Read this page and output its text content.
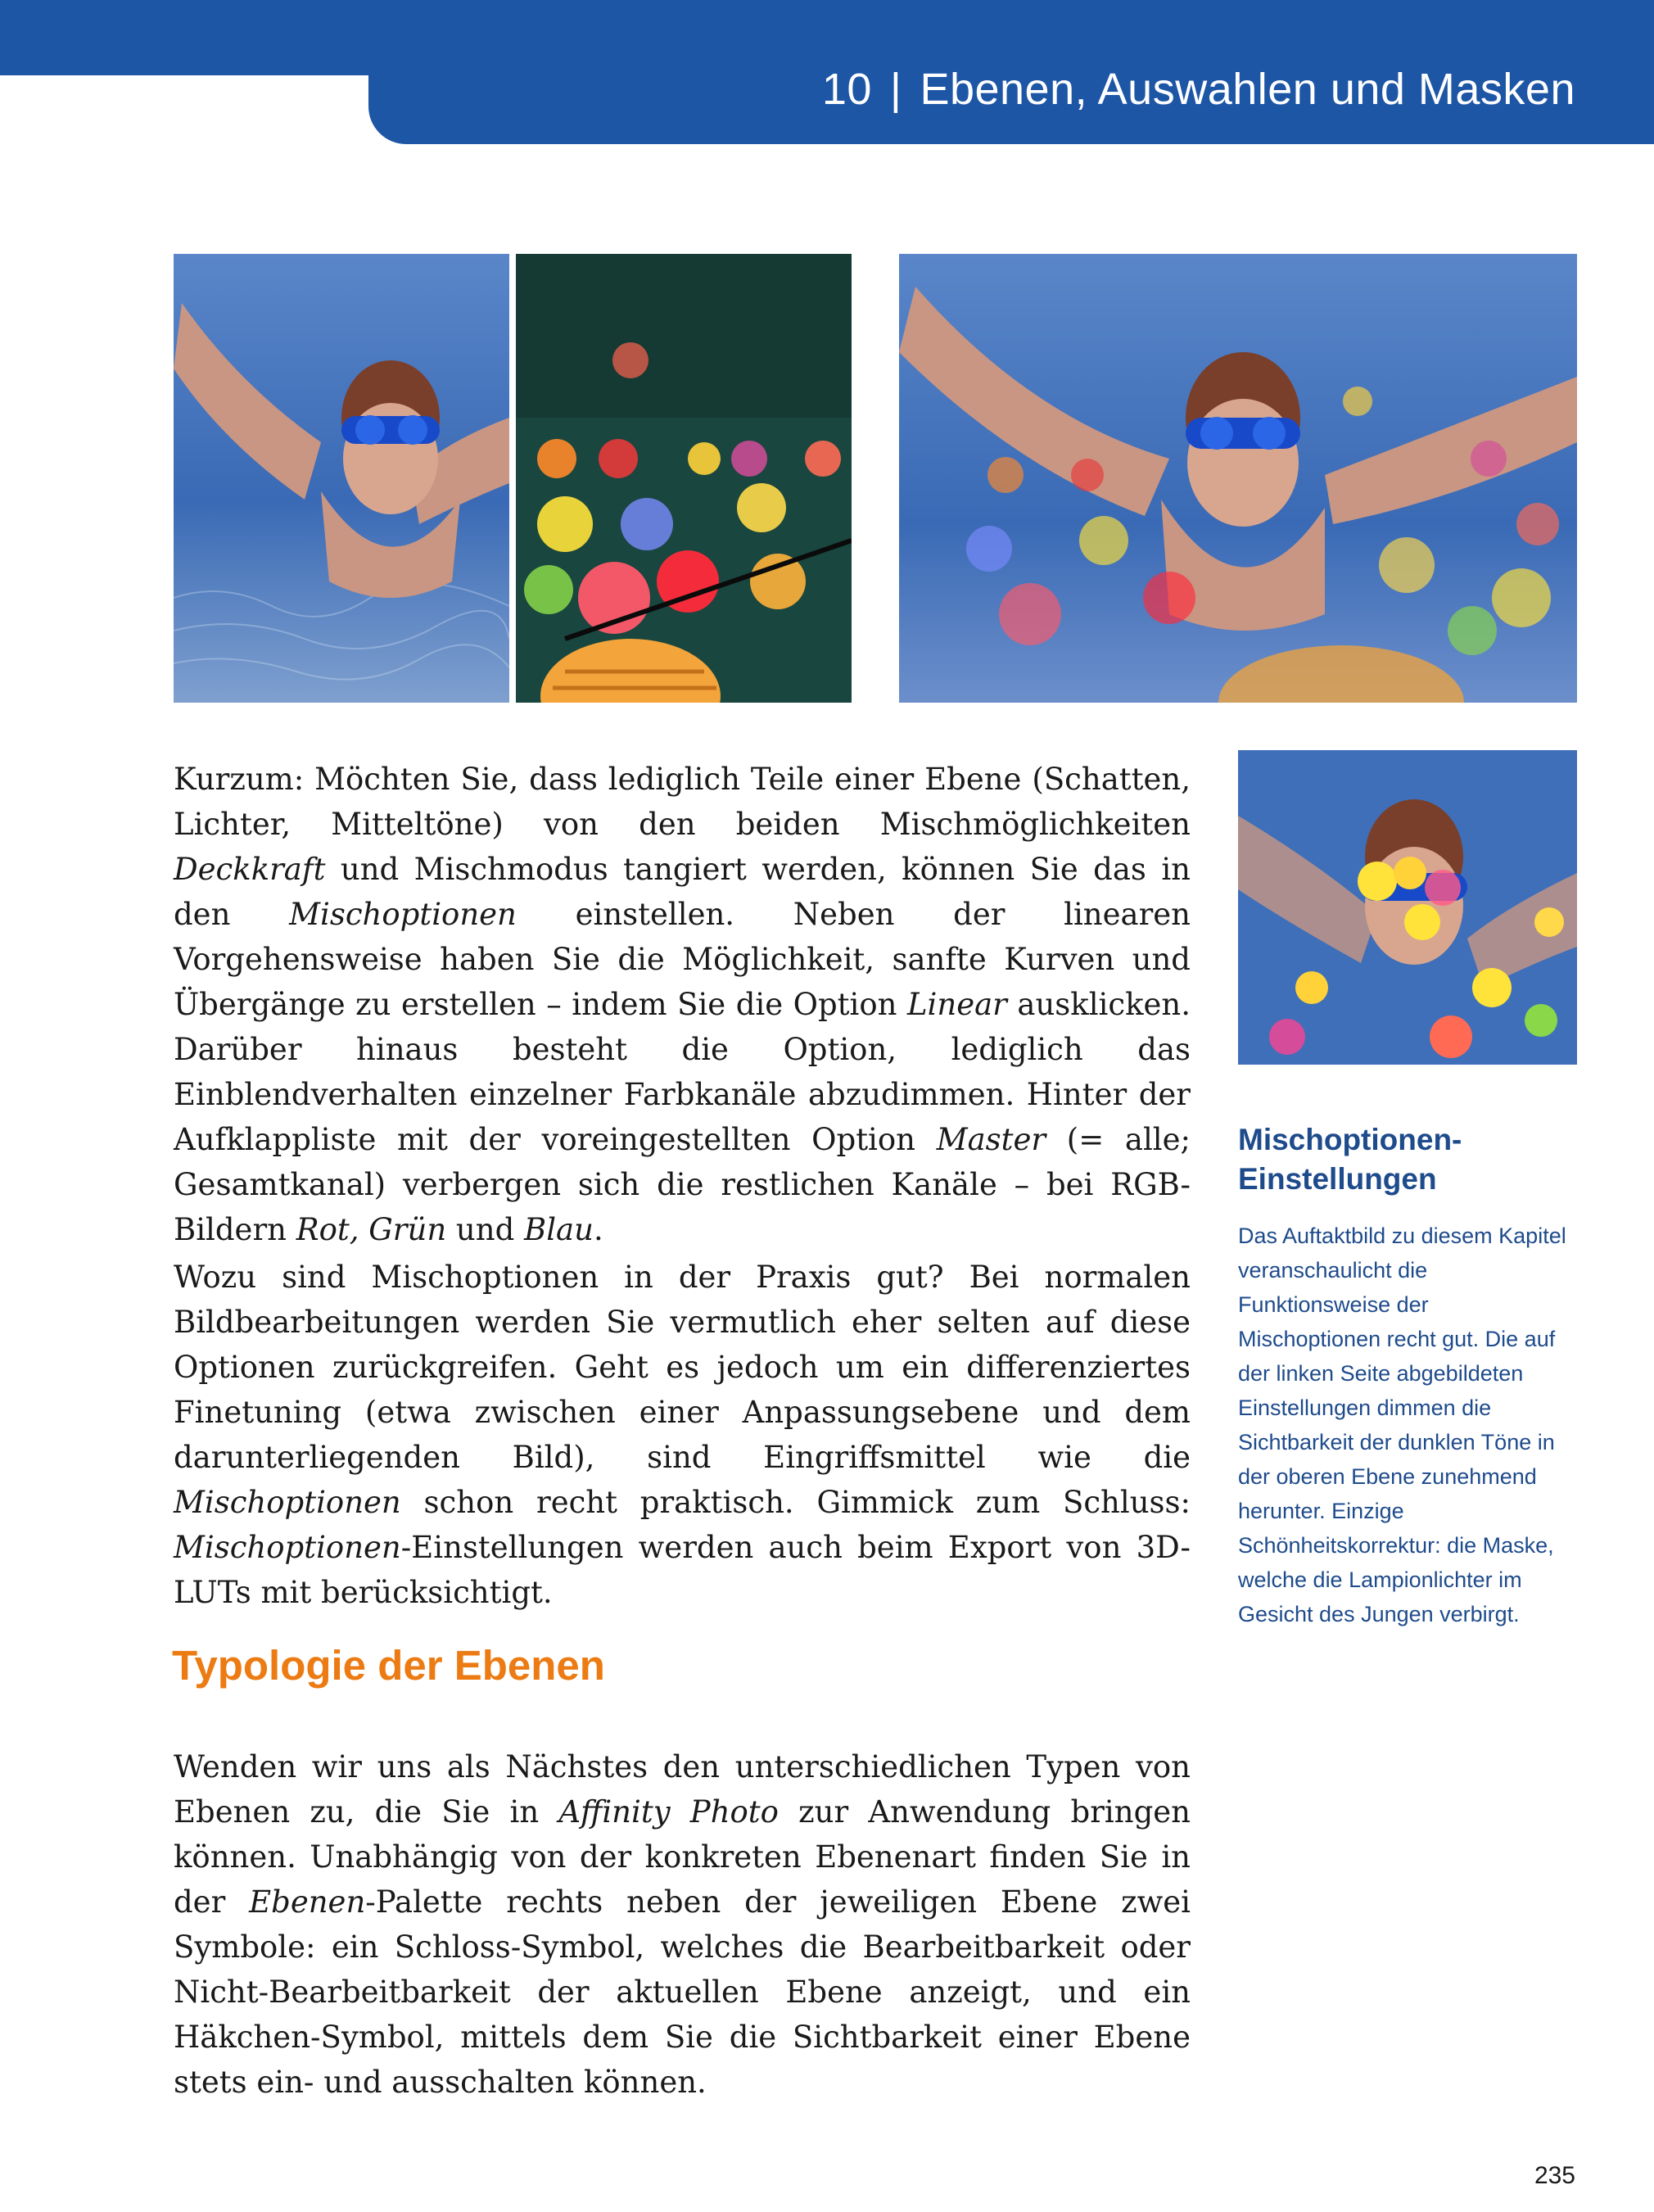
10 | Ebenen, Auswahlen und Masken

Kurzum: Möchten Sie, dass lediglich Teile einer Ebene (Schatten, Lichter, Mitteltöne) von den beiden Mischmöglichkeiten Deckkraft und Mischmodus tangiert werden, können Sie das in den Mischoptionen einstellen. Neben der linearen Vorgehensweise haben Sie die Möglichkeit, sanfte Kurven und Übergänge zu erstellen – indem Sie die Option Linear ausklicken. Darüber hinaus besteht die Option, lediglich das Einblendverhalten einzelner Farbkanäle abzudimmen. Hinter der Aufklappliste mit der voreingestellten Option Master (= alle; Gesamtkanal) verbergen sich die restlichen Kanäle – bei RGB-Bildern Rot, Grün und Blau.

Wozu sind Mischoptionen in der Praxis gut? Bei normalen Bildbearbeitungen werden Sie vermutlich eher selten auf diese Optionen zurückgreifen. Geht es jedoch um ein differenziertes Finetuning (etwa zwischen einer Anpassungsebene und dem darunterliegenden Bild), sind Eingriffsmittel wie die Mischoptionen schon recht praktisch. Gimmick zum Schluss: Mischoptionen-Einstellungen werden auch beim Export von 3D-LUTs mit berücksichtigt.

Typologie der Ebenen

Wenden wir uns als Nächstes den unterschiedlichen Typen von Ebenen zu, die Sie in Affinity Photo zur Anwendung bringen können. Unabhängig von der konkreten Ebenenart finden Sie in der Ebenen-Palette rechts neben der jeweiligen Ebene zwei Symbole: ein Schloss-Symbol, welches die Bearbeitbarkeit oder Nicht-Bearbeitbarkeit der aktuellen Ebene anzeigt, und ein Häkchen-Symbol, mittels dem Sie die Sichtbarkeit einer Ebene stets ein- und ausschalten können.

Mischoptionen-
Einstellungen

Das Auftaktbild zu diesem Kapitel veranschaulicht die Funktionsweise der Mischoptionen recht gut. Die auf der linken Seite abgebildeten Einstellungen dimmen die Sichtbarkeit der dunklen Töne in der oberen Ebene zunehmend herunter. Einzige Schönheitskorrektur: die Maske, welche die Lampionlichter im Gesicht des Jungen verbirgt.

235
